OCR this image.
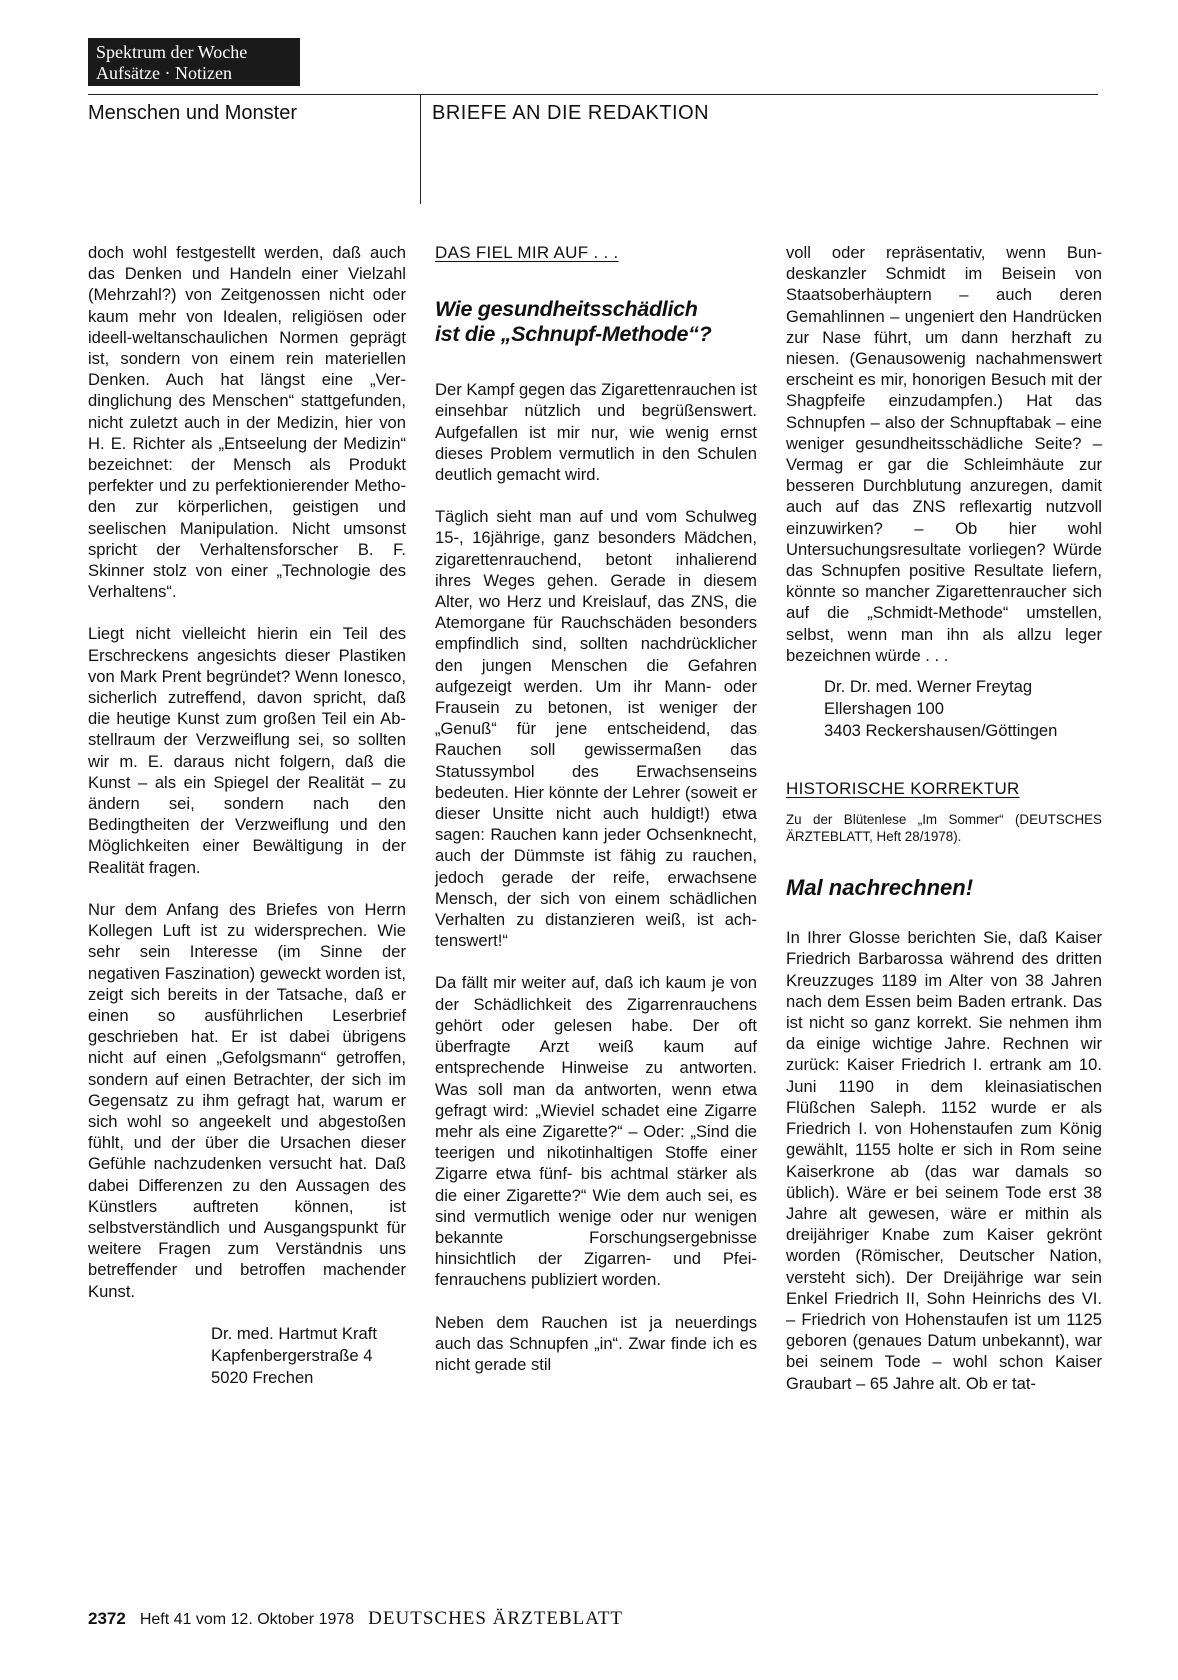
Spektrum der Woche
Aufsätze · Notizen
Menschen und Monster	BRIEFE AN DIE REDAKTION

doch wohl festgestellt werden, daß auch das Denken und Handeln einer Vielzahl (Mehrzahl?) von Zeitgenossen nicht oder kaum mehr von Idealen, religiösen oder ideell-weltanschaulichen Normen geprägt ist, sondern von einem rein materiellen Denken. Auch hat längst eine „Verdinglichung des Menschen“ stattgefunden, nicht zuletzt auch in der Medizin, hier von H. E. Richter als „Entseelung der Medizin“ bezeichnet: der Mensch als Produkt perfekter und zu perfektionierender Methoden zur körperlichen, geistigen und seelischen Manipulation. Nicht umsonst spricht der Verhaltensforscher B. F. Skinner stolz von einer „Technologie des Verhaltens“.

Liegt nicht vielleicht hierin ein Teil des Erschreckens angesichts dieser Plastiken von Mark Prent begründet? Wenn Ionesco, sicherlich zutreffend, davon spricht, daß die heutige Kunst zum großen Teil ein Abstellraum der Verzweiflung sei, so sollten wir m. E. daraus nicht folgern, daß die Kunst – als ein Spiegel der Realität – zu ändern sei, sondern nach den Bedingtheiten der Verzweiflung und den Möglichkeiten einer Bewältigung in der Realität fragen.

Nur dem Anfang des Briefes von Herrn Kollegen Luft ist zu widersprechen. Wie sehr sein Interesse (im Sinne der negativen Faszination) geweckt worden ist, zeigt sich bereits in der Tatsache, daß er einen so ausführlichen Leserbrief geschrieben hat. Er ist dabei übrigens nicht auf einen „Gefolgsmann“ getroffen, sondern auf einen Betrachter, der sich im Gegensatz zu ihm gefragt hat, warum er sich wohl so angeekelt und abgestoßen fühlt, und der über die Ursachen dieser Gefühle nachzudenken versucht hat. Daß dabei Differenzen zu den Aussagen des Künstlers auftreten können, ist selbstverständlich und Ausgangspunkt für weitere Fragen zum Verständnis uns betreffender und betroffen machender Kunst.

Dr. med. Hartmut Kraft
Kapfenbergerstraße 4
5020 Frechen
DAS FIEL MIR AUF . . .
Wie gesundheitsschädlich
ist die „Schnupf-Methode“?

Der Kampf gegen das Zigarettenrauchen ist einsehbar nützlich und begrüßenswert. Aufgefallen ist mir nur, wie wenig ernst dieses Problem vermutlich in den Schulen deutlich gemacht wird.

Täglich sieht man auf und vom Schulweg 15-, 16jährige, ganz besonders Mädchen, zigarettenrauchend, betont inhalierend ihres Weges gehen. Gerade in diesem Alter, wo Herz und Kreislauf, das ZNS, die Atemorgane für Rauchschäden besonders empfindlich sind, sollten nachdrücklicher den jungen Menschen die Gefahren aufgezeigt werden. Um ihr Mann- oder Frausein zu betonen, ist weniger der „Genuß“ für jene entscheidend, das Rauchen soll gewissermaßen das Statussymbol des Erwachsenseins bedeuten. Hier könnte der Lehrer (soweit er dieser Unsitte nicht auch huldigt!) etwa sagen: Rauchen kann jeder Ochsenknecht, auch der Dümmste ist fähig zu rauchen, jedoch gerade der reife, erwachsene Mensch, der sich von einem schädlichen Verhalten zu distanzieren weiß, ist achtenswert!“

Da fällt mir weiter auf, daß ich kaum je von der Schädlichkeit des Zigarrenrauchens gehört oder gelesen habe. Der oft überfragte Arzt weiß kaum auf entsprechende Hinweise zu antworten. Was soll man da antworten, wenn etwa gefragt wird: „Wieviel schadet eine Zigarre mehr als eine Zigarette?“ – Oder: „Sind die teerigen und nikotinhaltigen Stoffe einer Zigarre etwa fünf- bis achtmal stärker als die einer Zigarette?“ Wie dem auch sei, es sind vermutlich wenige oder nur wenigen bekannte Forschungsergebnisse hinsichtlich der Zigarren- und Pfeifenrauchens publiziert worden.

Neben dem Rauchen ist ja neuerdings auch das Schnupfen „in“. Zwar finde ich es nicht gerade stil

voll oder repräsentativ, wenn Bundeskanzler Schmidt im Beisein von Staatsoberhäuptern – auch deren Gemahlinnen – ungeniert den Handrücken zur Nase führt, um dann herzhaft zu niesen. (Genausowenig nachahmenswert erscheint es mir, honorigen Besuch mit der Shagpfeife einzudampfen.) Hat das Schnupfen – also der Schnupftabak – eine weniger gesundheitsschädliche Seite? – Vermag er gar die Schleimhäute zur besseren Durchblutung anzuregen, damit auch auf das ZNS reflexartig nutzvoll einzuwirken? – Ob hier wohl Untersuchungsresultate vorliegen? Würde das Schnupfen positive Resultate liefern, könnte so mancher Zigarettenraucher sich auf die „Schmidt-Methode“ umstellen, selbst, wenn man ihn als allzu leger bezeichnen würde . . .

Dr. Dr. med. Werner Freytag
Ellershagen 100
3403 Reckershausen/Göttingen
HISTORISCHE KORREKTUR
Zu der Blütenlese „Im Sommer“ (DEUTSCHES ÄRZTEBLATT, Heft 28/1978).
Mal nachrechnen!

In Ihrer Glosse berichten Sie, daß Kaiser Friedrich Barbarossa während des dritten Kreuzzuges 1189 im Alter von 38 Jahren nach dem Essen beim Baden ertrank. Das ist nicht so ganz korrekt. Sie nehmen ihm da einige wichtige Jahre. Rechnen wir zurück: Kaiser Friedrich I. ertrank am 10. Juni 1190 in dem kleinasiatischen Flüßchen Saleph. 1152 wurde er als Friedrich I. von Hohenstaufen zum König gewählt, 1155 holte er sich in Rom seine Kaiserkrone ab (das war damals so üblich). Wäre er bei seinem Tode erst 38 Jahre alt gewesen, wäre er mithin als dreijähriger Knabe zum Kaiser gekrönt worden (Römischer, Deutscher Nation, versteht sich). Der Dreijährige war sein Enkel Friedrich II, Sohn Heinrichs des VI. – Friedrich von Hohenstaufen ist um 1125 geboren (genaues Datum unbekannt), war bei seinem Tode – wohl schon Kaiser Graubart – 65 Jahre alt. Ob er tat-

2372 Heft 41 vom 12. Oktober 1978 DEUTSCHES ÄRZTEBLATT
